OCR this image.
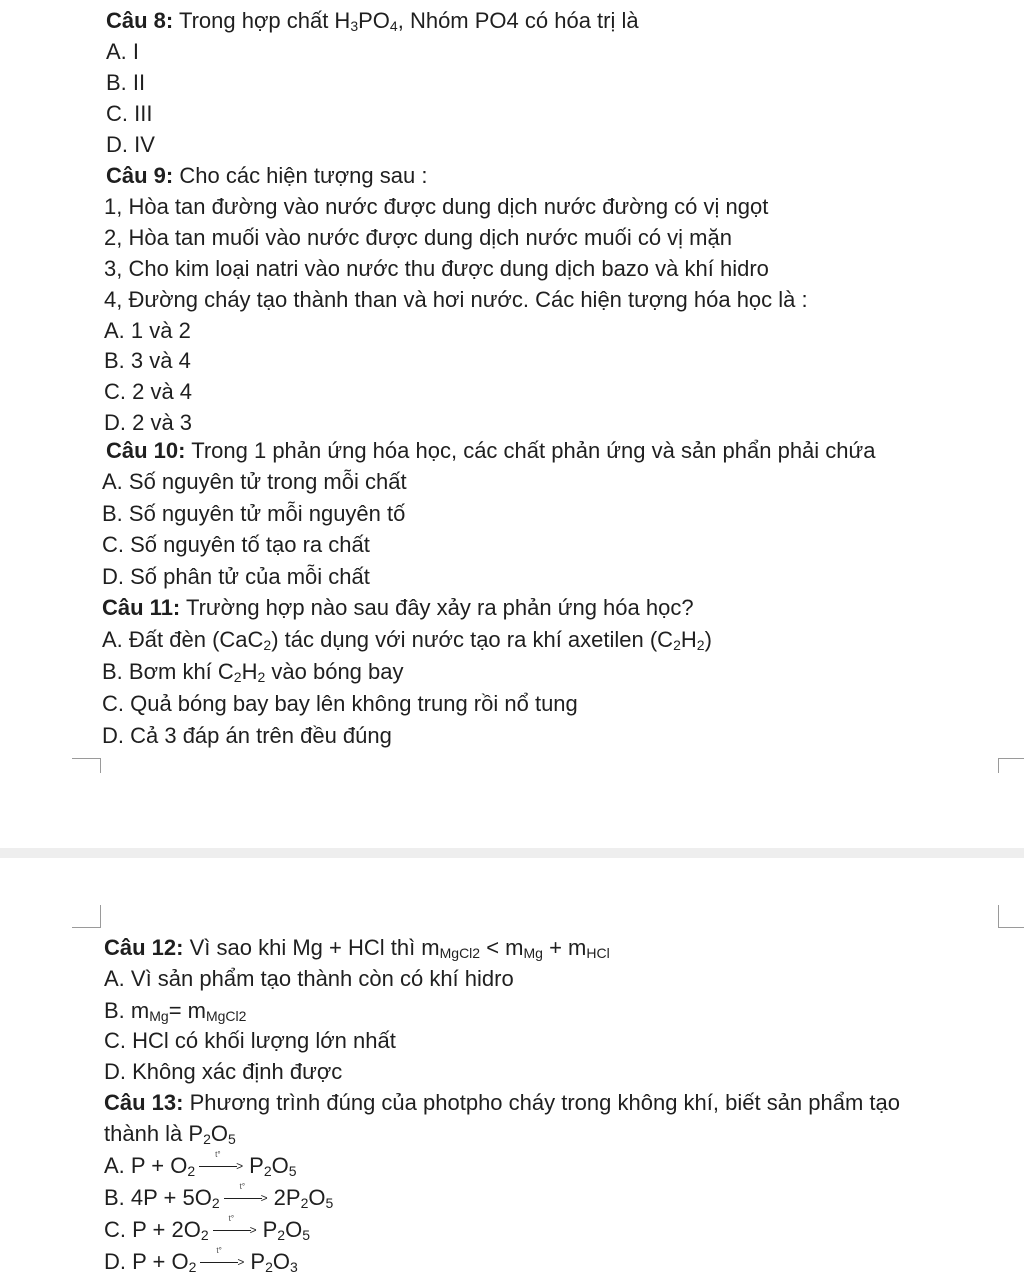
Câu 8: Trong hợp chất $H_3PO_4$, Nhóm PO4 có hóa trị là
A. I
B. II
C. III
D. IV
Câu 9: Cho các hiện tượng sau :
1, Hòa tan đường vào nước được dung dịch nước đường có vị ngọt
2, Hòa tan muối vào nước được dung dịch nước muối có vị mặn
3, Cho kim loại natri vào nước thu được dung dịch bazo và khí hidro
4, Đường cháy tạo thành than và hơi nước. Các hiện tượng hóa học là :
A. 1 và 2
B. 3 và 4
C. 2 và 4
D. 2 và 3
Câu 10: Trong 1 phản ứng hóa học, các chất phản ứng và sản phẩn phải chứa
A. Số nguyên tử trong mỗi chất
B. Số nguyên tử mỗi nguyên tố
C. Số nguyên tố tạo ra chất
D. Số phân tử của mỗi chất
Câu 11: Trường hợp nào sau đây xảy ra phản ứng hóa học?
A. Đất đèn (CaC$_2$) tác dụng với nước tạo ra khí axetilen $(C_2H_2)$
B. Bơm khí $C_2H_2$ vào bóng bay
C. Quả bóng bay bay lên không trung rồi nổ tung
D. Cả 3 đáp án trên đều đúng
Câu 12: Vì sao khi Mg + HCl thì $m_{MgCl2} < m_{Mg} + m_{HCl}$
A. Vì sản phẩm tạo thành còn có khí hidro
B. $m_{Mg}= m_{MgCl2}$
C. HCl có khối lượng lớn nhất
D. Không xác định được
Câu 13: Phương trình đúng của photpho cháy trong không khí, biết sản phẩm tạo
thành là $P_2O_5$
A. $P + O_2$
t°
> $P_2O_5$
B. $4P + 5O_2$
t°
> $2P_2O_5$
C. $P + 2O_2$
t°
> $P_2O_5$
D. $P + O_2$
t°
> $P_2O_3$
